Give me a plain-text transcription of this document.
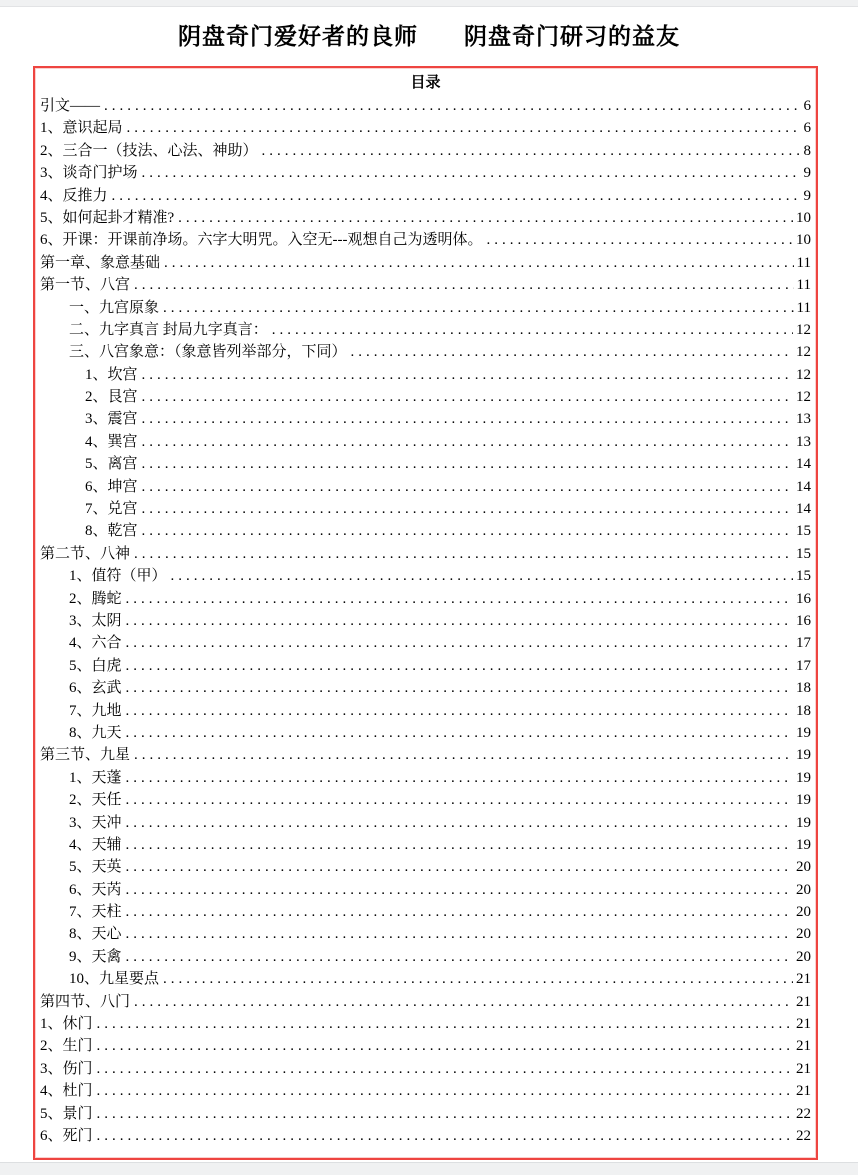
阴盘奇门爱好者的良师 阴盘奇门研习的益友
目录
引文—— .....	6
1、意识起局 .....	6
2、三合一（技法、心法、神助） .....	8
3、谈奇门护场 .....	9
4、反推力 .....	9
5、如何起卦才精准? .....	10
6、开课：开课前净场。六字大明咒。入空无---观想自己为透明体。 .....	10
第一章、象意基础 .....	11
第一节、八宫 .....	11
一、九宫原象 .....	11
二、九字真言 封局九字真言： .....	12
三、八宫象意：（象意皆列举部分，下同） .....	12
1、坎宫 .....	12
2、艮宫 .....	12
3、震宫 .....	13
4、巽宫 .....	13
5、离宫 .....	14
6、坤宫 .....	14
7、兑宫 .....	14
8、乾宫 .....	15
第二节、八神 .....	15
1、值符（甲） .....	15
2、腾蛇 .....	16
3、太阴 .....	16
4、六合 .....	17
5、白虎 .....	17
6、玄武 .....	18
7、九地 .....	18
8、九天 .....	19
第三节、九星 .....	19
1、天蓬 .....	19
2、天任 .....	19
3、天冲 .....	19
4、天辅 .....	19
5、天英 .....	20
6、天芮 .....	20
7、天柱 .....	20
8、天心 .....	20
9、天禽 .....	20
10、九星要点 .....	21
第四节、八门 .....	21
1、休门 .....	21
2、生门 .....	21
3、伤门 .....	21
4、杜门 .....	21
5、景门 .....	22
6、死门 .....	22
